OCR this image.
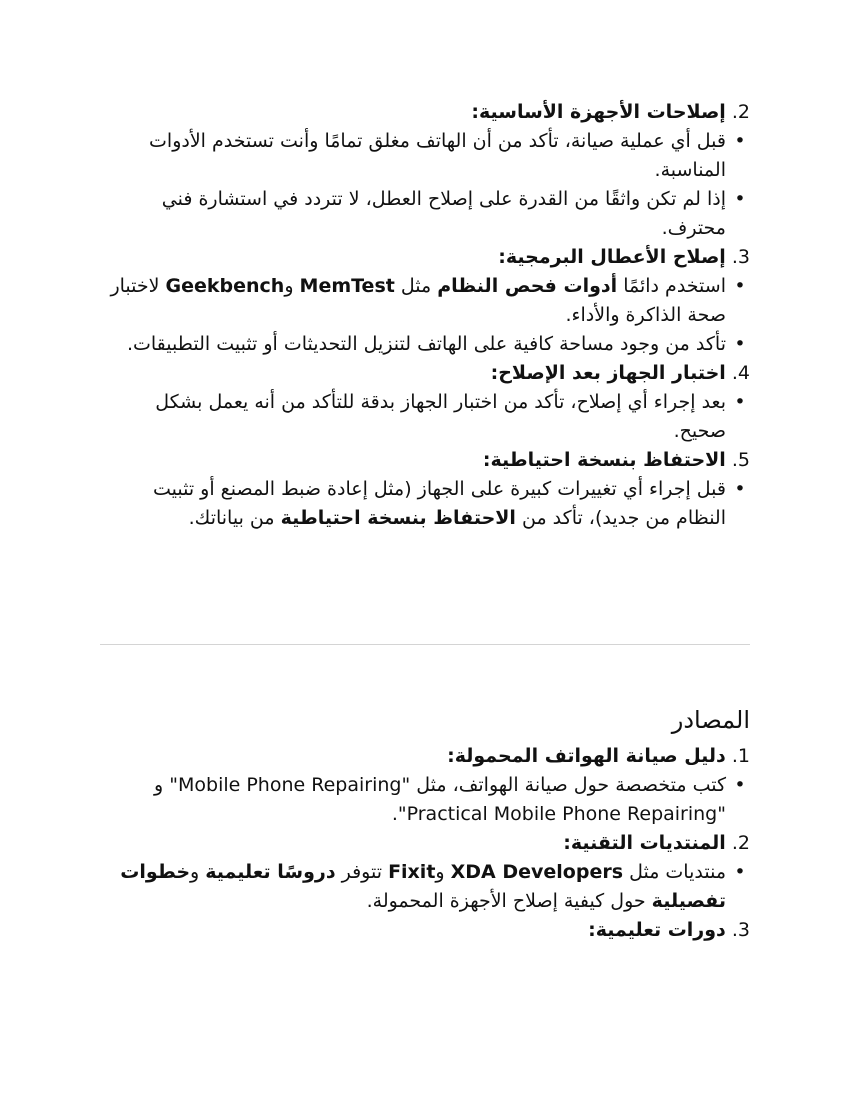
2. إصلاحات الأجهزة الأساسية:

•
قبل أي عملية صيانة، تأكد من أن الهاتف مغلق تمامًا وأنت تستخدم الأدوات المناسبة.

•
إذا لم تكن واثقًا من القدرة على إصلاح العطل، لا تتردد في استشارة فني محترف.

3. إصلاح الأعطال البرمجية:

•
استخدم دائمًا أدوات فحص النظام مثل MemTest وGeekbench لاختبار صحة الذاكرة والأداء.

•
تأكد من وجود مساحة كافية على الهاتف لتنزيل التحديثات أو تثبيت التطبيقات.

4. اختبار الجهاز بعد الإصلاح:

•
بعد إجراء أي إصلاح، تأكد من اختبار الجهاز بدقة للتأكد من أنه يعمل بشكل صحيح.

5. الاحتفاظ بنسخة احتياطية:

•
قبل إجراء أي تغييرات كبيرة على الجهاز (مثل إعادة ضبط المصنع أو تثبيت النظام من جديد)، تأكد من الاحتفاظ بنسخة احتياطية من بياناتك.

المصادر

1. دليل صيانة الهواتف المحمولة:

•
كتب متخصصة حول صيانة الهواتف، مثل "Mobile Phone Repairing" و "Practical Mobile Phone Repairing".

2. المنتديات التقنية:

•
منتديات مثل XDA Developers وFixit تتوفر دروسًا تعليمية وخطوات تفصيلية حول كيفية إصلاح الأجهزة المحمولة.

3. دورات تعليمية:
